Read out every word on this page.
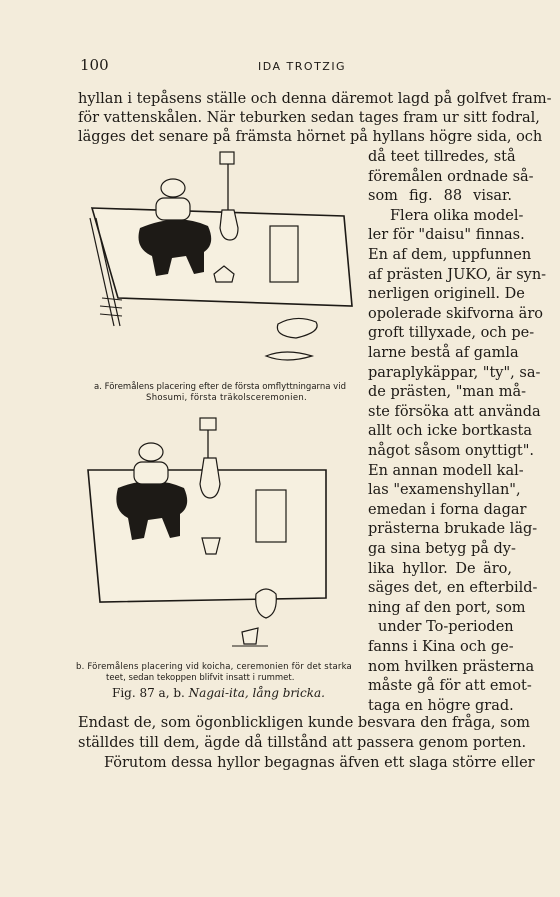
100	IDA TROTZIG
hyllan i tepåsens ställe och denna däremot lagd på golfvet fram-
för vattenskålen. När teburken sedan tages fram ur sitt fodral,
lägges det senare på främsta hörnet på hyllans högre sida, och
då teet tillredes, stå
föremålen ordnade så-
som fig. 88 visar.
Flera olika model-
ler för "daisu" finnas.
En af dem, uppfunnen
af prästen JUKO, är syn-
nerligen originell. De
opolerade skifvorna äro
groft tillyxade, och pe-
larne bestå af gamla
paraplykäppar, "ty", sa-
de prästen, "man må-
ste försöka att använda
allt och icke bortkasta
något såsom onyttigt".
En annan modell kal-
las "examenshyllan",
emedan i forna dagar
prästerna brukade läg-
ga sina betyg på dy-
lika hyllor. De äro,
säges det, en efterbild-
ning af den port, som
under To-perioden
fanns i Kina och ge-
nom hvilken prästerna
måste gå för att emot-
taga en högre grad.
a. Föremålens placering efter de första omflyttningarna vid
Shosumi, första träkolsceremonien.
b. Föremålens placering vid koicha, ceremonien för det starka
teet, sedan tekoppen blifvit insatt i rummet.
Fig. 87 a, b. Nagai-ita, lång bricka.
Endast de, som ögonblickligen kunde besvara den fråga, som
ställdes till dem, ägde då tillstånd att passera genom porten.
Förutom dessa hyllor begagnas äfven ett slaga större eller
